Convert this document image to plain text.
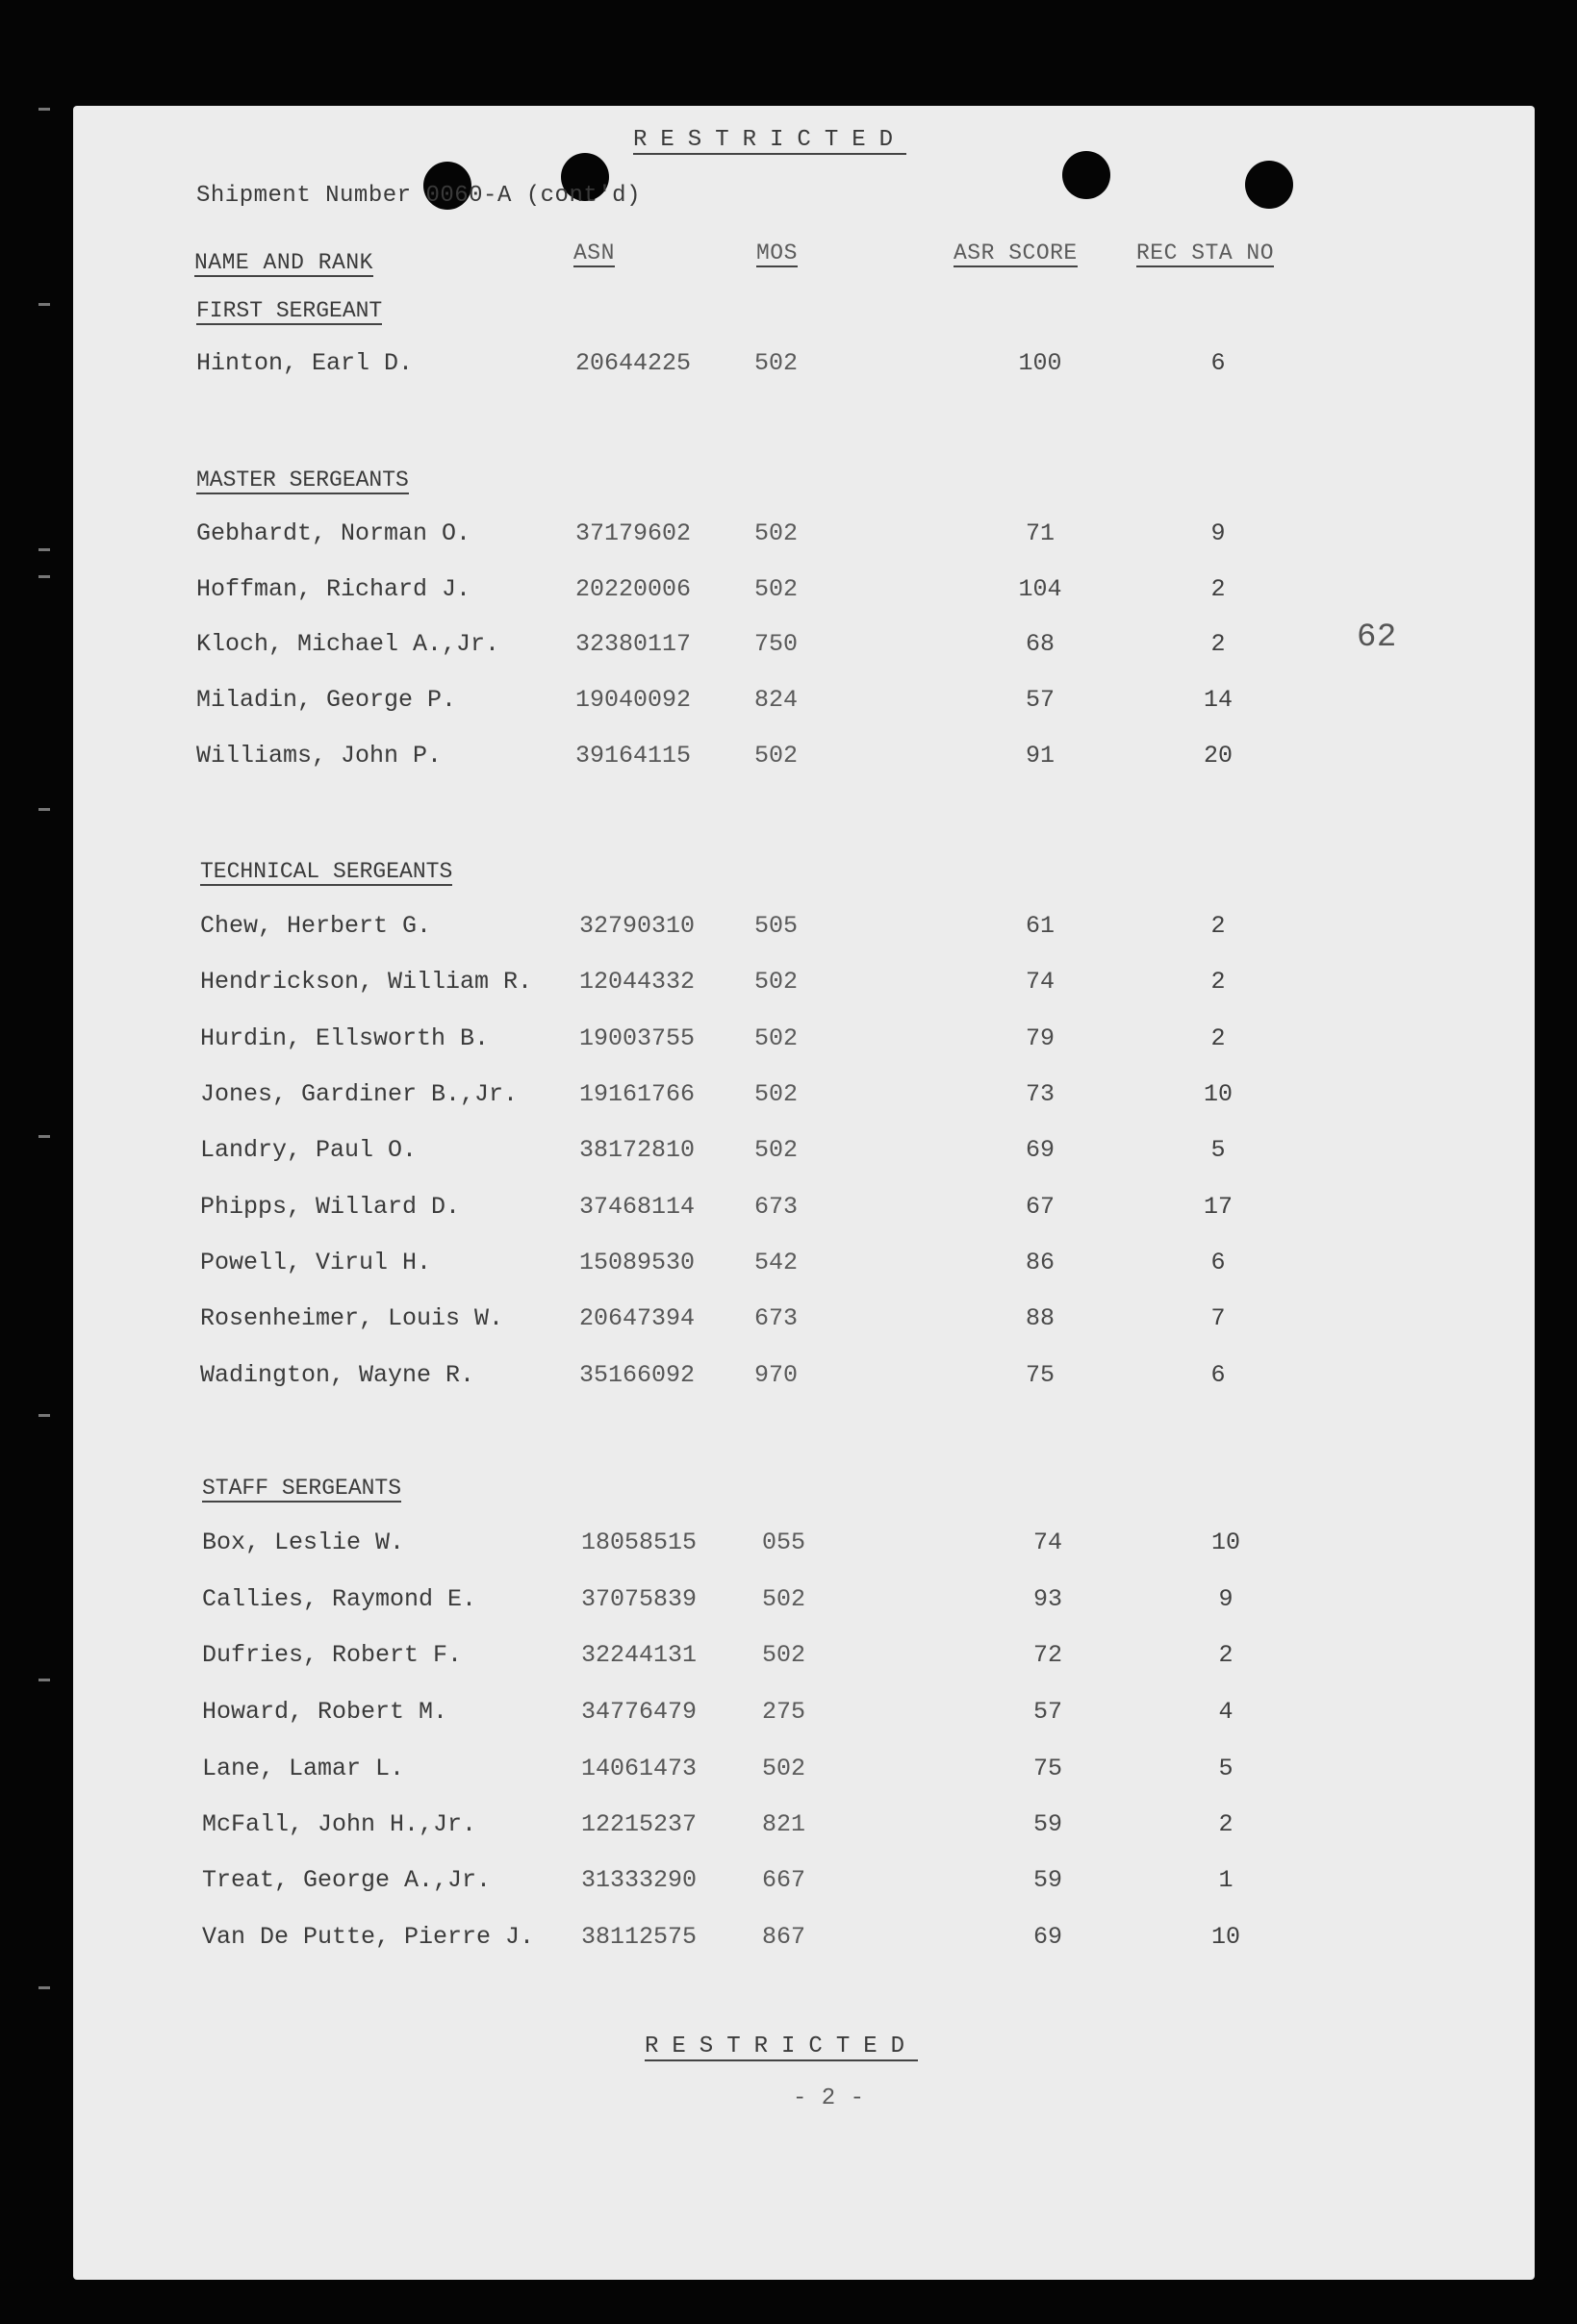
RESTRICTED
Shipment Number 0060-A (cont'd)
NAME AND RANK	ASN	MOS	ASR SCORE	REC STA NO
62
FIRST SERGEANT
Hinton, Earl D.	20644225	502	100	6
MASTER SERGEANTS
Gebhardt, Norman O.	37179602	502	71	9
Hoffman, Richard J.	20220006	502	104	2
Kloch, Michael A.,Jr.	32380117	750	68	2
Miladin, George P.	19040092	824	57	14
Williams, John P.	39164115	502	91	20
TECHNICAL SERGEANTS
Chew, Herbert G.	32790310 505	61	2
Hendrickson, William R. 12044332 502	74	2
Hurdin, Ellsworth B.	19003755 502	79	2
Jones, Gardiner B.,Jr.	19161766 502	73	10
Landry, Paul O.	38172810 502	69	5
Phipps, Willard D.	37468114 673	67	17
Powell, Virul H.	15089530 542	86	6
Rosenheimer, Louis W.	20647394 673	88	7
Wadington, Wayne R.	35166092 970	75	6
STAFF SERGEANTS
Box, Leslie W.	18058515	055	74	10
Callies, Raymond E.	37075839	502	93	9
Dufries, Robert F.	32244131	502	72	2
Howard, Robert M.	34776479	275	57	4
Lane, Lamar L.	14061473	502	75	5
McFall, John H.,Jr.	12215237	821	59	2
Treat, George A.,Jr.	31333290	667	59	1
Van De Putte, Pierre J. 38112575	867	69	10
RESTRICTED
- 2 -
